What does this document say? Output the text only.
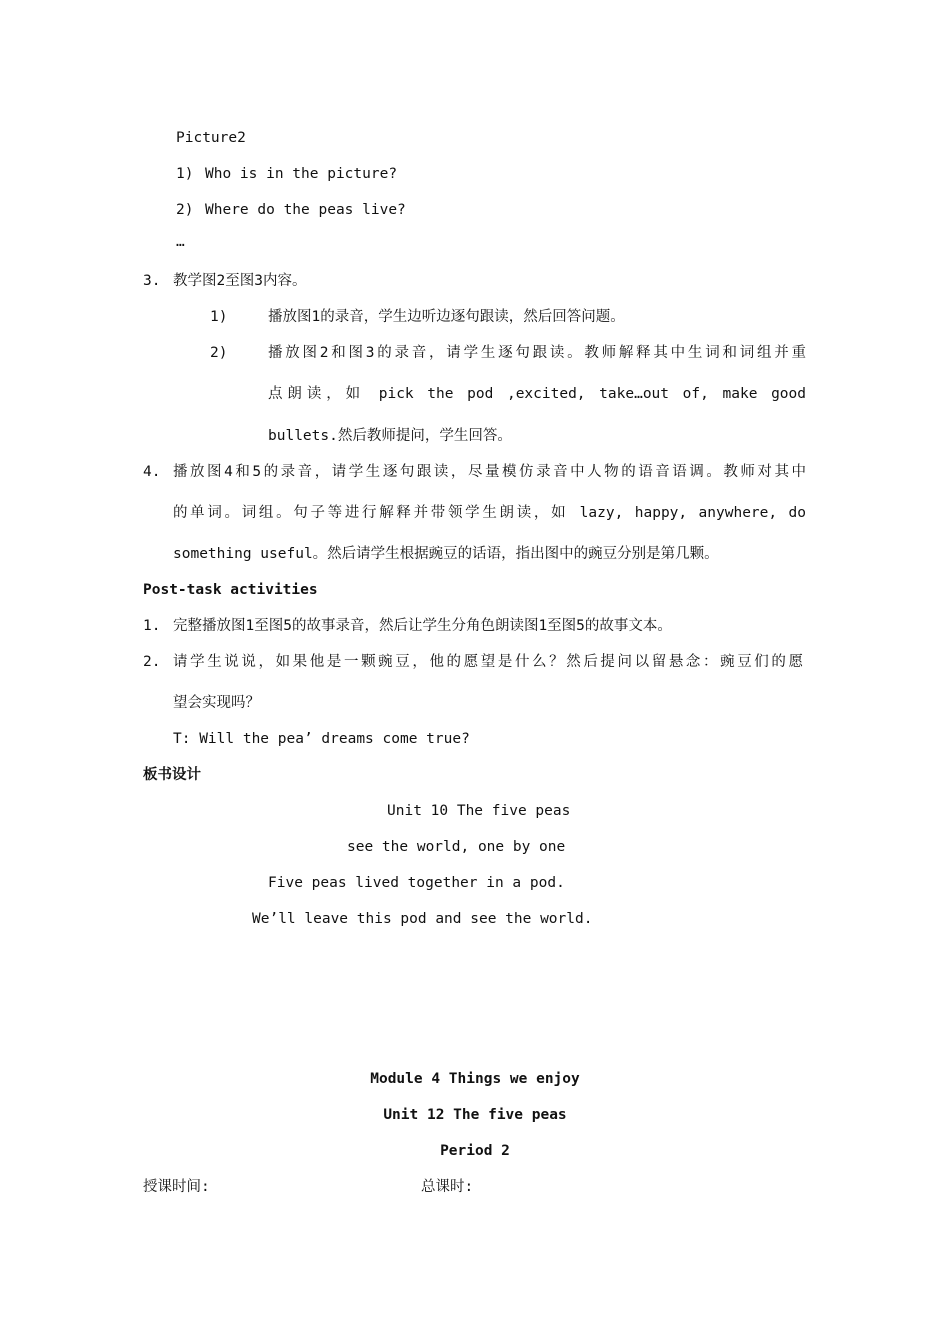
Picture2
1) Who is in the picture?
2) Where do the peas live?
…
3. 教学图2至图3内容。
1)	播放图1的录音，学生边听边逐句跟读，然后回答问题。
2)	播放图2和图3的录音，请学生逐句跟读。教师解释其中生词和词组并重
点朗读，如 pick the pod ,excited, take…out of, make good
bullets.然后教师提问，学生回答。
4. 播放图4和5的录音，请学生逐句跟读，尽量模仿录音中人物的语音语调。教师对其中
的单词。词组。句子等进行解释并带领学生朗读，如 lazy, happy, anywhere, do
something useful。然后请学生根据豌豆的话语，指出图中的豌豆分别是第几颗。
Post-task activities
1. 完整播放图1至图5的故事录音，然后让学生分角色朗读图1至图5的故事文本。
2. 请学生说说，如果他是一颗豌豆，他的愿望是什么？然后提问以留悬念：豌豆们的愿
望会实现吗？
T: Will the pea’ dreams come true?
板书设计
Unit 10 The five peas
see the world, one by one
Five peas lived together in a pod.
We’ll leave this pod and see the world.
Module 4 Things we enjoy
Unit 12 The five peas
Period 2
授课时间:	总课时:
